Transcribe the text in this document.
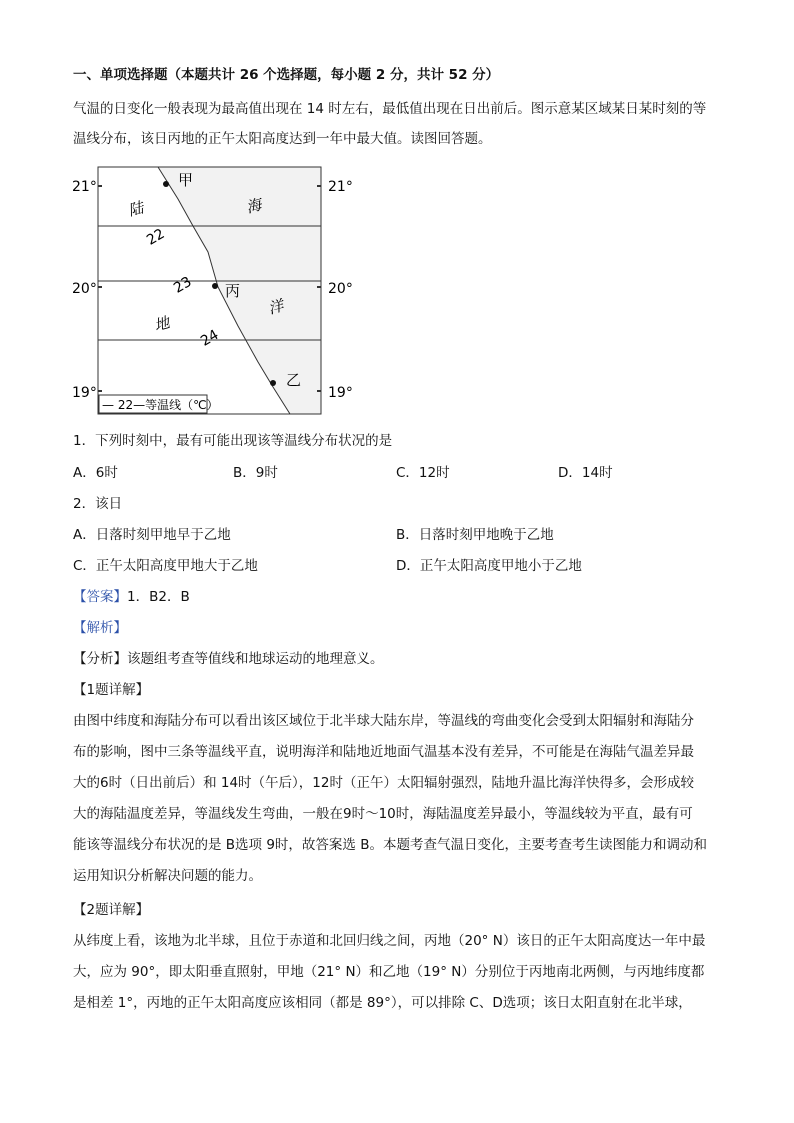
一、单项选择题（本题共计 26 个选择题，每小题 2 分，共计 52 分）
气温的日变化一般表现为最高值出现在 14 时左右，最低值出现在日出前后。图示意某区域某日某时刻的等
温线分布，该日丙地的正午太阳高度达到一年中最大值。读图回答题。
21°	21°
20°	20°
19°	19°
甲
丙
乙
陆
地
海
洋
22
23
24
— 22—等温线（℃）
1．下列时刻中，最有可能出现该等温线分布状况的是
A．6时	B．9时	C．12时	D．14时
2．该日
A．日落时刻甲地早于乙地	B．日落时刻甲地晚于乙地
C．正午太阳高度甲地大于乙地	D．正午太阳高度甲地小于乙地
【答案】1．B2．B
【解析】
【分析】该题组考查等值线和地球运动的地理意义。
【1题详解】
由图中纬度和海陆分布可以看出该区域位于北半球大陆东岸，等温线的弯曲变化会受到太阳辐射和海陆分
布的影响，图中三条等温线平直，说明海洋和陆地近地面气温基本没有差异，不可能是在海陆气温差异最
大的6时（日出前后）和 14时（午后），12时（正午）太阳辐射强烈，陆地升温比海洋快得多，会形成较
大的海陆温度差异，等温线发生弯曲，一般在9时～10时，海陆温度差异最小，等温线较为平直，最有可
能该等温线分布状况的是 B选项 9时，故答案选 B。本题考查气温日变化，主要考查考生读图能力和调动和
运用知识分析解决问题的能力。
【2题详解】
从纬度上看，该地为北半球，且位于赤道和北回归线之间，丙地（20° N）该日的正午太阳高度达一年中最
大，应为 90°，即太阳垂直照射，甲地（21° N）和乙地（19° N）分别位于丙地南北两侧，与丙地纬度都
是相差 1°，丙地的正午太阳高度应该相同（都是 89°），可以排除 C、D选项；该日太阳直射在北半球，
